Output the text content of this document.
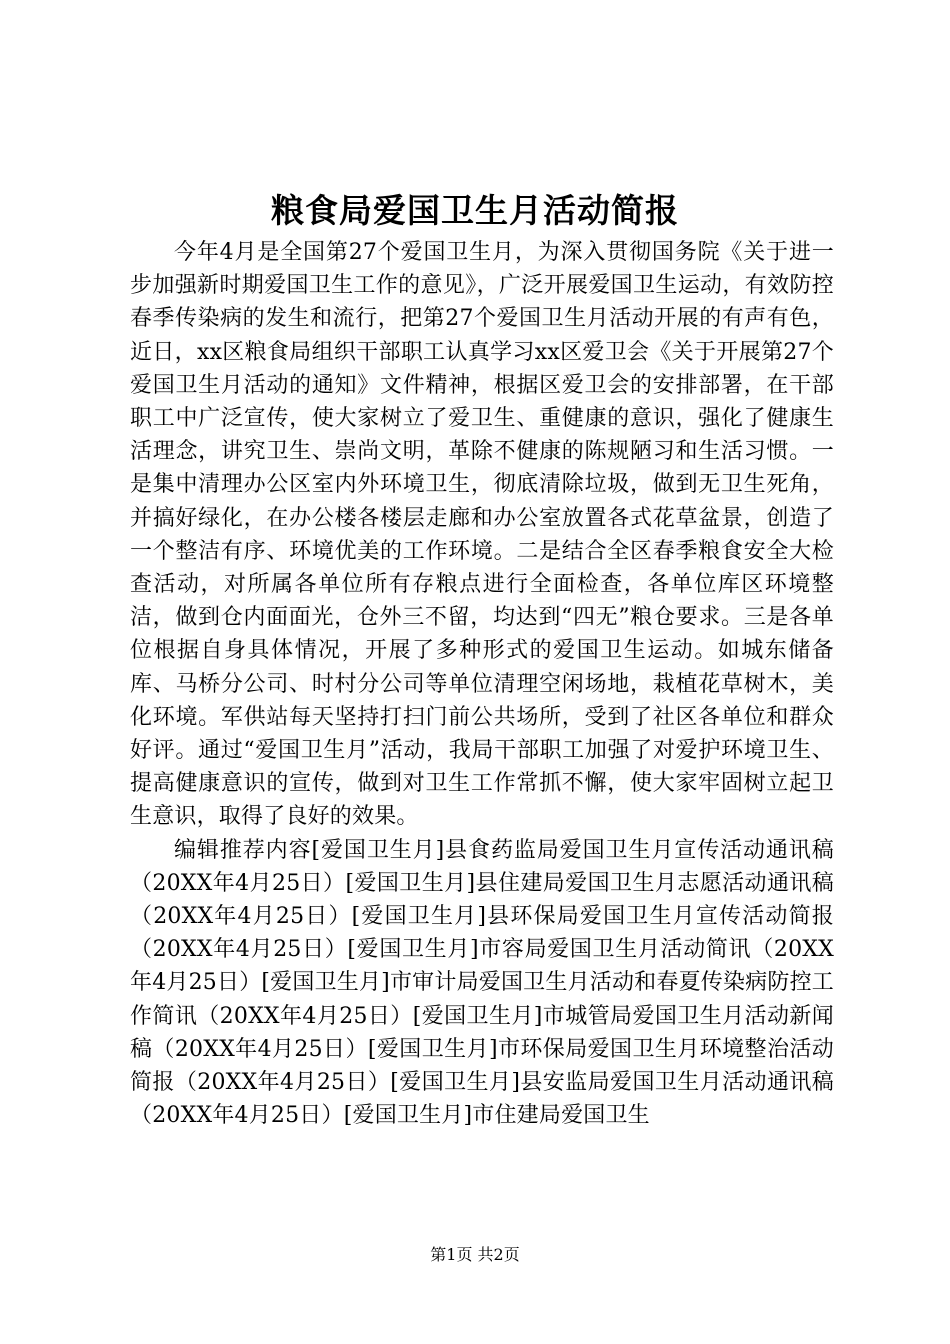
粮食局爱国卫生月活动简报

今年4月是全国第27个爱国卫生月，为深入贯彻国务院《关于进一步加强新时期爱国卫生工作的意见》，广泛开展爱国卫生运动，有效防控春季传染病的发生和流行，把第27个爱国卫生月活动开展的有声有色，近日，xx区粮食局组织干部职工认真学习xx区爱卫会《关于开展第27个爱国卫生月活动的通知》文件精神，根据区爱卫会的安排部署，在干部职工中广泛宣传，使大家树立了爱卫生、重健康的意识，强化了健康生活理念，讲究卫生、崇尚文明，革除不健康的陈规陋习和生活习惯。一是集中清理办公区室内外环境卫生，彻底清除垃圾，做到无卫生死角，并搞好绿化，在办公楼各楼层走廊和办公室放置各式花草盆景，创造了一个整洁有序、环境优美的工作环境。二是结合全区春季粮食安全大检查活动，对所属各单位所有存粮点进行全面检查，各单位库区环境整洁，做到仓内面面光，仓外三不留，均达到“四无”粮仓要求。三是各单位根据自身具体情况，开展了多种形式的爱国卫生运动。如城东储备库、马桥分公司、时村分公司等单位清理空闲场地，栽植花草树木，美化环境。军供站每天坚持打扫门前公共场所，受到了社区各单位和群众好评。通过“爱国卫生月”活动，我局干部职工加强了对爱护环境卫生、提高健康意识的宣传，做到对卫生工作常抓不懈，使大家牢固树立起卫生意识，取得了良好的效果。

编辑推荐内容[爱国卫生月]县食药监局爱国卫生月宣传活动通讯稿（20XX年4月25日）[爱国卫生月]县住建局爱国卫生月志愿活动通讯稿（20XX年4月25日）[爱国卫生月]县环保局爱国卫生月宣传活动简报（20XX年4月25日）[爱国卫生月]市容局爱国卫生月活动简讯（20XX年4月25日）[爱国卫生月]市审计局爱国卫生月活动和春夏传染病防控工作简讯（20XX年4月25日）[爱国卫生月]市城管局爱国卫生月活动新闻稿（20XX年4月25日）[爱国卫生月]市环保局爱国卫生月环境整治活动简报（20XX年4月25日）[爱国卫生月]县安监局爱国卫生月活动通讯稿（20XX年4月25日）[爱国卫生月]市住建局爱国卫生

第1页 共2页
